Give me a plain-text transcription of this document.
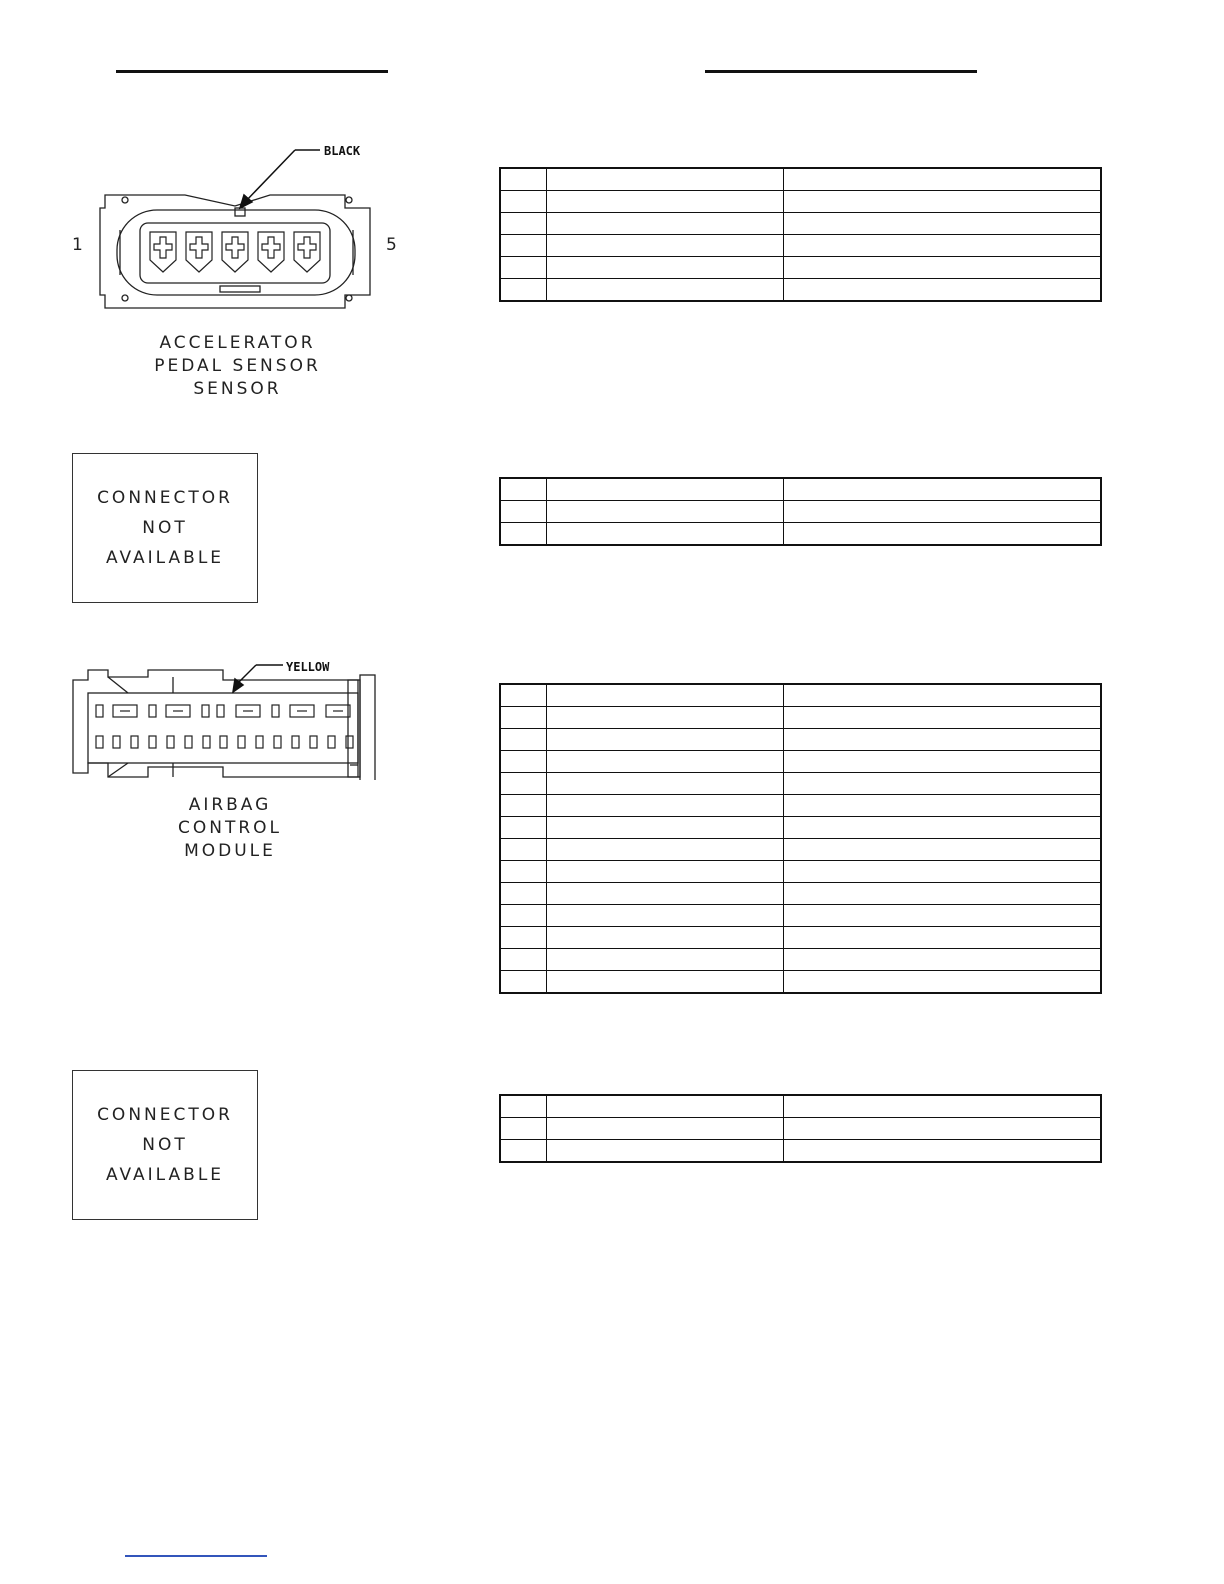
BLACK
1	5
ACCELERATOR
PEDAL SENSOR
SENSOR

CONNECTOR
NOT
AVAILABLE

YELLOW
AIRBAG
CONTROL
MODULE

CONNECTOR
NOT
AVAILABLE
